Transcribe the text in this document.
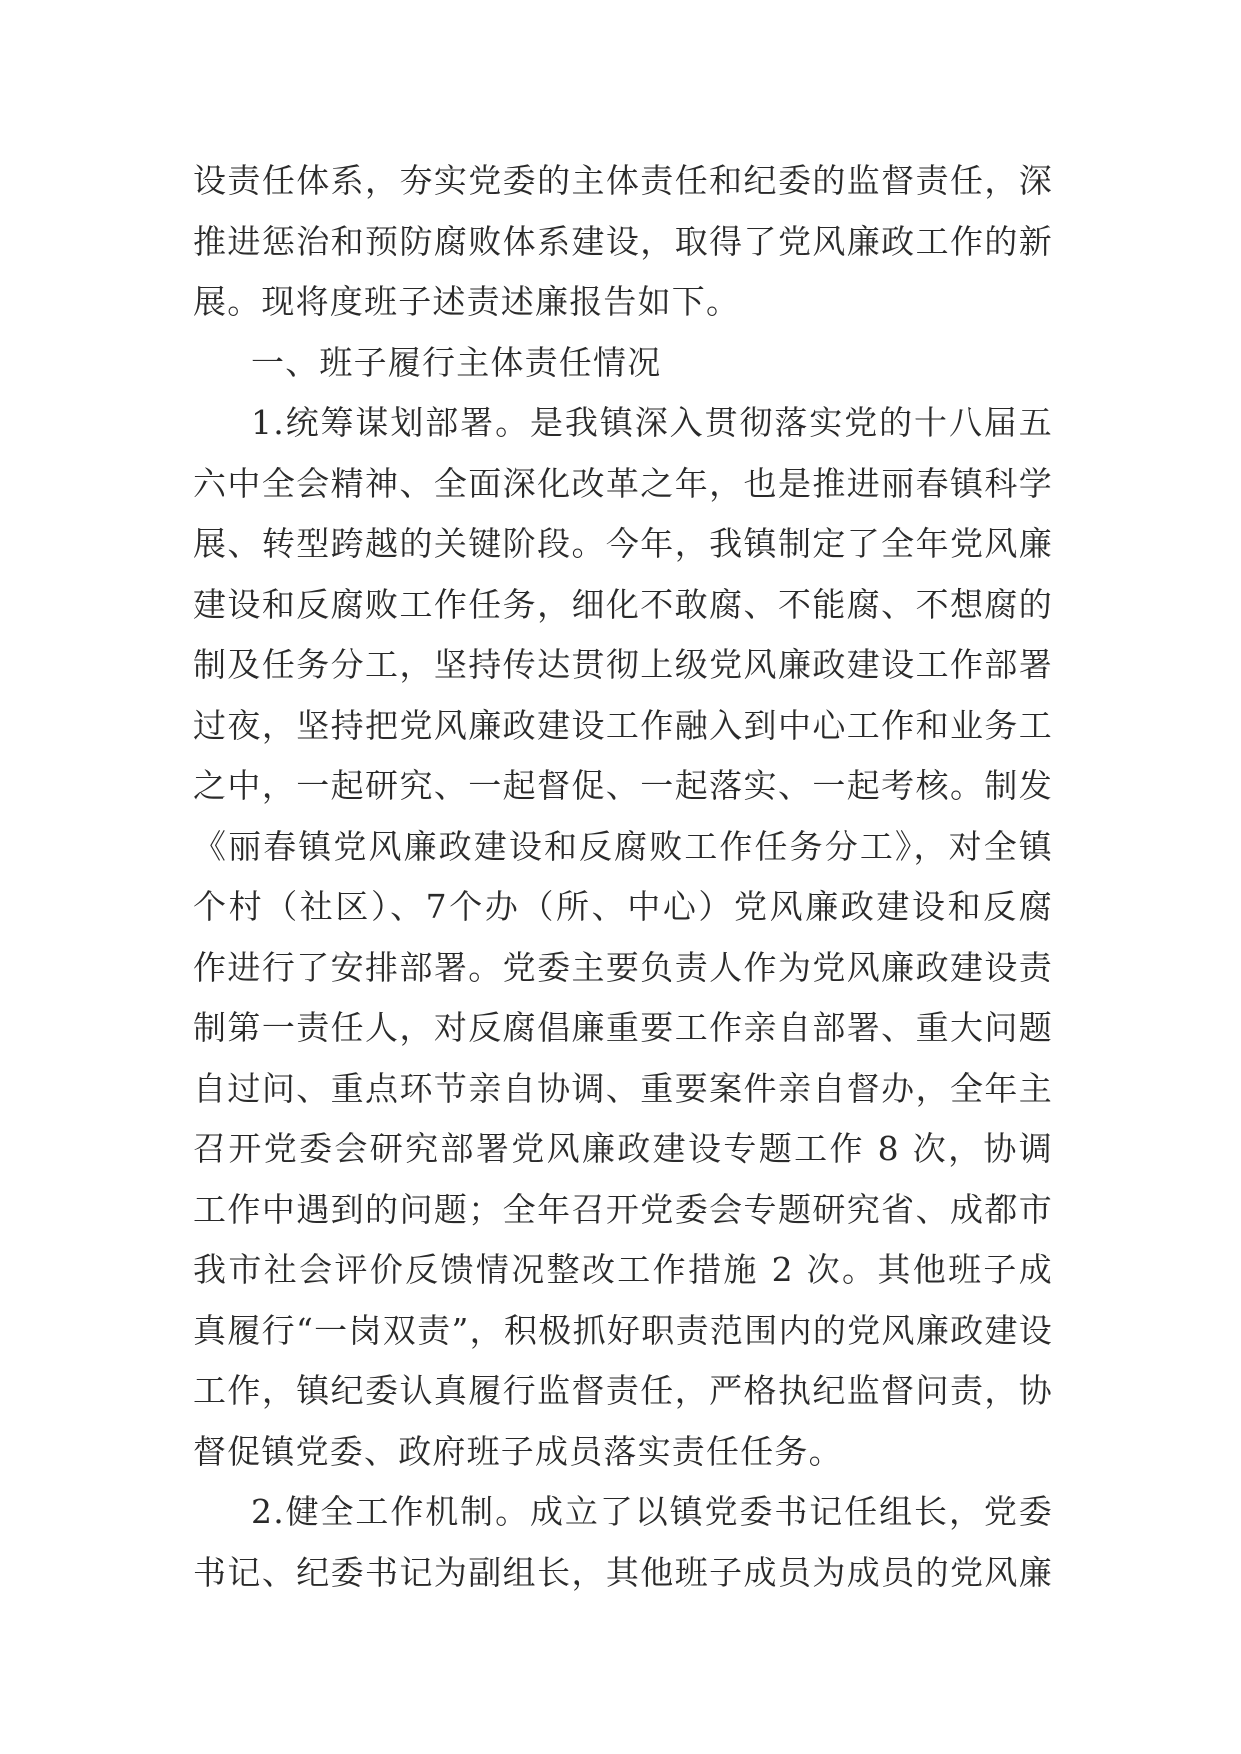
设责任体系，夯实党委的主体责任和纪委的监督责任，深
推进惩治和预防腐败体系建设，取得了党风廉政工作的新
展。现将度班子述责述廉报告如下。
一、班子履行主体责任情况
1.统筹谋划部署。是我镇深入贯彻落实党的十八届五
六中全会精神、全面深化改革之年，也是推进丽春镇科学
展、转型跨越的关键阶段。今年，我镇制定了全年党风廉
建设和反腐败工作任务，细化不敢腐、不能腐、不想腐的
制及任务分工，坚持传达贯彻上级党风廉政建设工作部署
过夜，坚持把党风廉政建设工作融入到中心工作和业务工
之中，一起研究、一起督促、一起落实、一起考核。制发
《丽春镇党风廉政建设和反腐败工作任务分工》，对全镇
个村（社区）、7个办（所、中心）党风廉政建设和反腐
作进行了安排部署。党委主要负责人作为党风廉政建设责
制第一责任人，对反腐倡廉重要工作亲自部署、重大问题
自过问、重点环节亲自协调、重要案件亲自督办，全年主
召开党委会研究部署党风廉政建设专题工作 8 次，协调
工作中遇到的问题；全年召开党委会专题研究省、成都市
我市社会评价反馈情况整改工作措施 2 次。其他班子成
真履行“一岗双责”，积极抓好职责范围内的党风廉政建设
工作，镇纪委认真履行监督责任，严格执纪监督问责，协
督促镇党委、政府班子成员落实责任任务。
2.健全工作机制。成立了以镇党委书记任组长，党委
书记、纪委书记为副组长，其他班子成员为成员的党风廉
